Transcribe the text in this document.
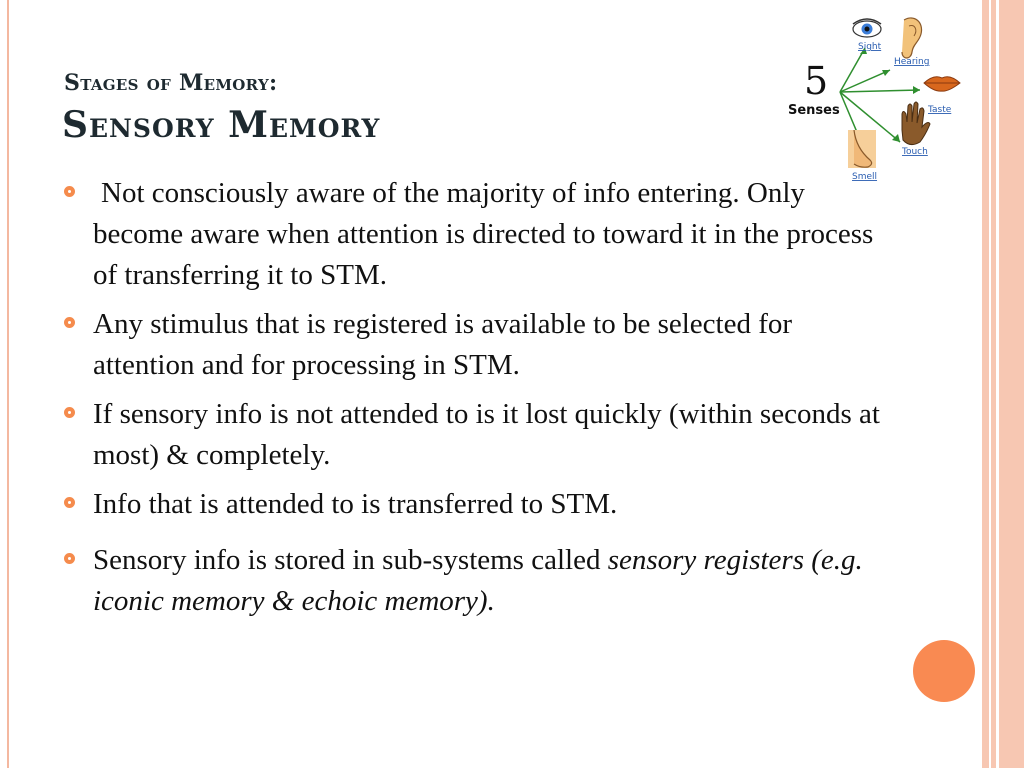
Stages of Memory:
Sensory Memory
Not consciously aware of the majority of info entering. Only become aware when attention is directed to toward it in the process of transferring it to STM.
Any stimulus that is registered is available to be selected for attention and for processing in STM.
If sensory info is not attended to is it lost quickly (within seconds at most) & completely.
Info that is attended to is transferred to STM.
Sensory info is stored in sub-systems called sensory registers (e.g. iconic memory & echoic memory).
5
Senses
Sight
Hearing
Taste
Touch
Smell
